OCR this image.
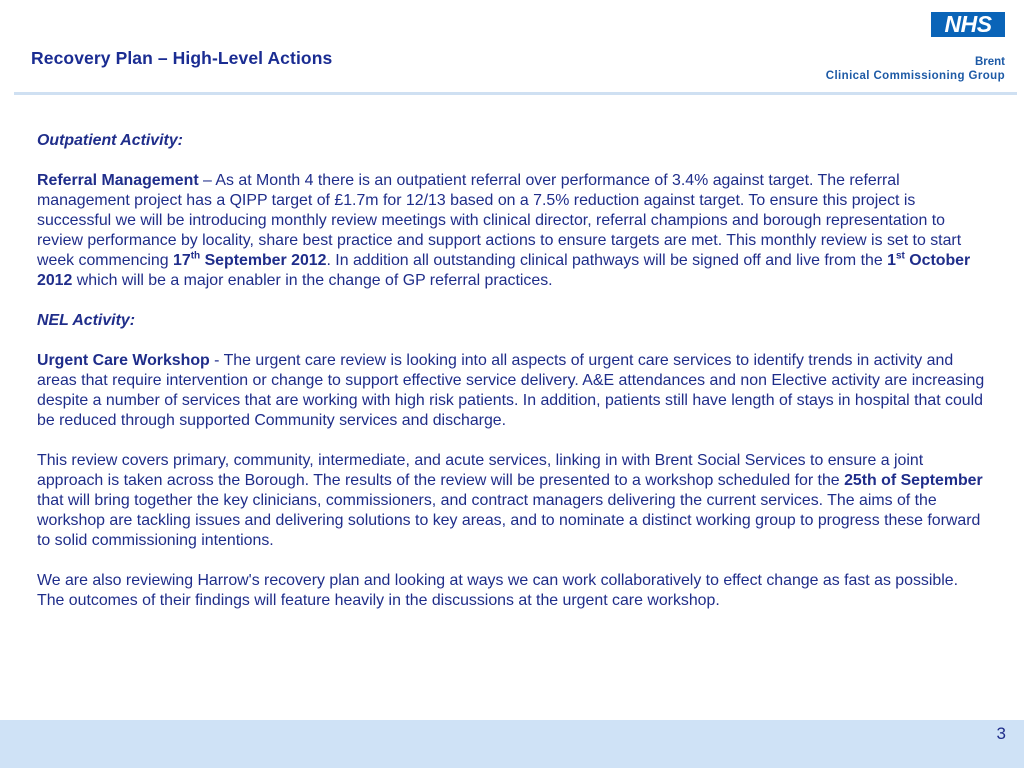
Recovery Plan – High-Level Actions
NHS
Brent
Clinical Commissioning Group

Outpatient Activity:

Referral Management – As at Month 4 there is an outpatient referral over performance of 3.4% against target. The referral management project has a QIPP target of £1.7m for 12/13 based on a 7.5% reduction against target. To ensure this project is successful we will be introducing monthly review meetings with clinical director, referral champions and borough representation to review performance by locality, share best practice and support actions to ensure targets are met. This monthly review is set to start week commencing 17th September 2012. In addition all outstanding clinical pathways will be signed off and live from the 1st October 2012 which will be a major enabler in the change of GP referral practices.

NEL Activity:

Urgent Care Workshop - The urgent care review is looking into all aspects of urgent care services to identify trends in activity and areas that require intervention or change to support effective service delivery. A&E attendances and non Elective activity are increasing despite a number of services that are working with high risk patients. In addition, patients still have length of stays in hospital that could be reduced through supported Community services and discharge.

This review covers primary, community, intermediate, and acute services, linking in with Brent Social Services to ensure a joint approach is taken across the Borough. The results of the review will be presented to a workshop scheduled for the 25th of September that will bring together the key clinicians, commissioners, and contract managers delivering the current services. The aims of the workshop are tackling issues and delivering solutions to key areas, and to nominate a distinct working group to progress these forward to solid commissioning intentions.

We are also reviewing Harrow's recovery plan and looking at ways we can work collaboratively to effect change as fast as possible. The outcomes of their findings will feature heavily in the discussions at the urgent care workshop.

3
